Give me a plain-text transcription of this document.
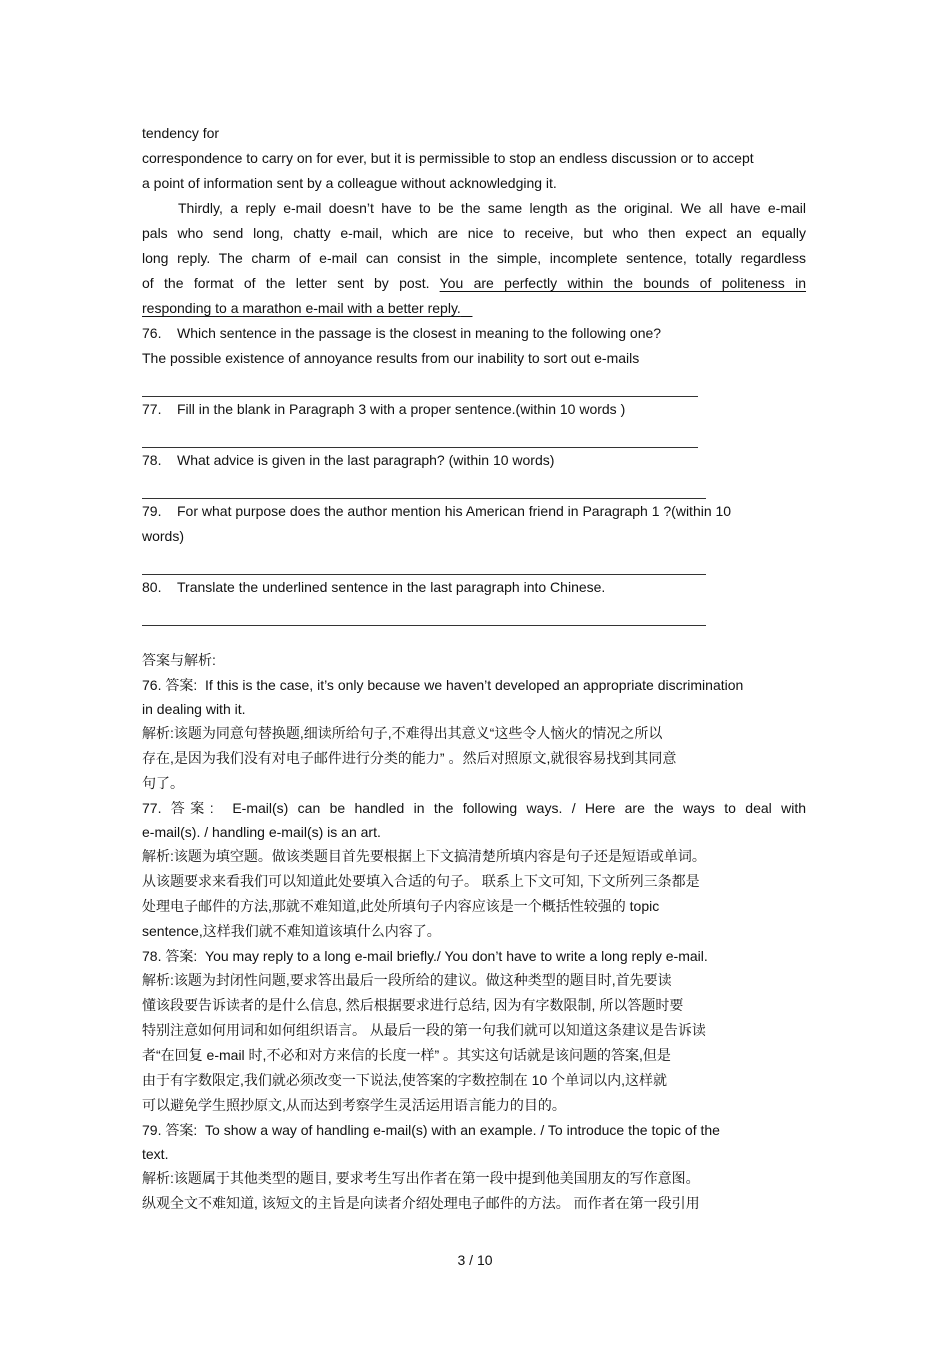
tendency for
correspondence to carry on for ever, but it is permissible to stop an endless discussion or to accept
a point of information sent by a colleague without acknowledging it.
Thirdly, a reply e-mail doesn’t have to be the same length as the original. We all have e-mail
pals who send long, chatty e-mail, which are nice to receive, but who then expect an equally
long reply. The charm of e-mail can consist in the simple, incomplete sentence, totally regardless
of the format of the letter sent by post. You are perfectly within the bounds of politeness in
responding to a marathon e-mail with a better reply.
76. Which sentence in the passage is the closest in meaning to the following one?
The possible existence of annoyance results from our inability to sort out e-mails
77. Fill in the blank in Paragraph 3 with a proper sentence.(within 10 words )
78. What advice is given in the last paragraph? (within 10 words)
79. For what purpose does the author mention his American friend in Paragraph 1 ?(within 10
words)
80. Translate the underlined sentence in the last paragraph into Chinese.
答案与解析:
76. 答案: If this is the case, it’s only because we haven’t developed an appropriate discrimination
in dealing with it.
解析:该题为同意句替换题,细读所给句子,不难得出其意义“这些令人恼火的情况之所以
存在,是因为我们没有对电子邮件进行分类的能力” 。然后对照原文,就很容易找到其同意
句了。
77. 答案: E-mail(s) can be handled in the following ways. / Here are the ways to deal with
e-mail(s). / handling e-mail(s) is an art.
解析:该题为填空题。做该类题目首先要根据上下文搞清楚所填内容是句子还是短语或单词。
从该题要求来看我们可以知道此处要填入合适的句子。 联系上下文可知, 下文所列三条都是
处理电子邮件的方法,那就不难知道,此处所填句子内容应该是一个概括性较强的 topic
sentence,这样我们就不难知道该填什么内容了。
78. 答案: You may reply to a long e-mail briefly./ You don’t have to write a long reply e-mail.
解析:该题为封闭性问题,要求答出最后一段所给的建议。做这种类型的题目时,首先要读
懂该段要告诉读者的是什么信息, 然后根据要求进行总结, 因为有字数限制, 所以答题时要
特别注意如何用词和如何组织语言。 从最后一段的第一句我们就可以知道这条建议是告诉读
者“在回复 e-mail 时,不必和对方来信的长度一样” 。其实这句话就是该问题的答案,但是
由于有字数限定,我们就必须改变一下说法,使答案的字数控制在 10 个单词以内,这样就
可以避免学生照抄原文,从而达到考察学生灵活运用语言能力的目的。
79. 答案: To show a way of handling e-mail(s) with an example. / To introduce the topic of the
text.
解析:该题属于其他类型的题目, 要求考生写出作者在第一段中提到他美国朋友的写作意图。
纵观全文不难知道, 该短文的主旨是向读者介绍处理电子邮件的方法。 而作者在第一段引用
3 / 10
